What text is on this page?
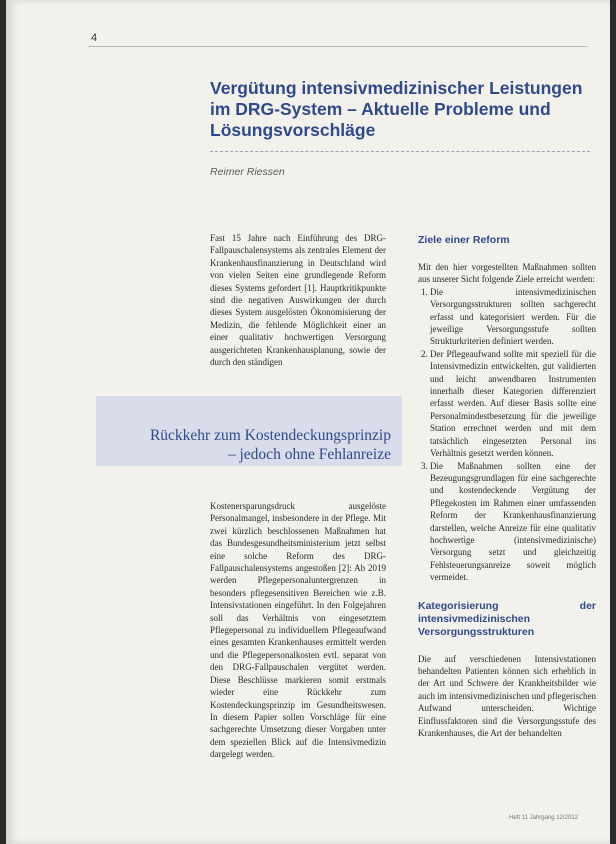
4
Vergütung intensivmedizinischer Leistungen im DRG-System – Aktuelle Probleme und Lösungsvorschläge
Reimer Riessen

Fast 15 Jahre nach Einführung des DRG-Fallpauschalensystems als zentrales Element der Krankenhausfinanzierung in Deutschland wird von vielen Seiten eine grundlegende Reform dieses Systems gefordert [1]. Hauptkritikpunkte sind die negativen Auswirkungen der durch dieses System ausgelösten Ökonomisierung der Medizin, die fehlende Möglichkeit einer an einer qualitativ hochwertigen Versorgung ausgerichteten Krankenhausplanung, sowie der durch den ständigen

Rückkehr zum Kostendeckungsprinzip
– jedoch ohne Fehlanreize

Kostenersparungsdruck ausgelöste Personalmangel, insbesondere in der Pflege. Mit zwei kürzlich beschlossenen Maßnahmen hat das Bundesgesundheitsministerium jetzt selbst eine solche Reform des DRG-Fallpauschalensystems angestoßen [2]: Ab 2019 werden Pflegepersonaluntergrenzen in besonders pflegesensitiven Bereichen wie z.B. Intensivstationen eingeführt. In den Folgejahren soll das Verhältnis von eingesetztem Pflegepersonal zu individuellem Pflegeaufwand eines gesamten Krankenhauses ermittelt werden und die Pflegepersonalkosten evtl. separat von den DRG-Fallpauschalen vergütet werden. Diese Beschlüsse markieren somit erstmals wieder eine Rückkehr zum Kostendeckungsprinzip im Gesundheitswesen. In diesem Papier sollen Vorschläge für eine sachgerechte Umsetzung dieser Vorgaben unter dem speziellen Blick auf die Intensivmedizin dargelegt werden.

Ziele einer Reform

Mit den hier vorgestellten Maßnahmen sollten aus unserer Sicht folgende Ziele erreicht werden:

1. Die intensivmedizinischen Versorgungsstrukturen sollten sachgerecht erfasst und kategorisiert werden. Für die jeweilige Versorgungsstufe sollten Strukturkriterien definiert werden.
2. Der Pflegeaufwand sollte mit speziell für die Intensivmedizin entwickelten, gut validierten und leicht anwendbaren Instrumenten innerhalb dieser Kategorien differenziert erfasst werden. Auf dieser Basis sollte eine Personalmindestbesetzung für die jeweilige Station errechnet werden und mit dem tatsächlich eingesetzten Personal ins Verhältnis gesetzt werden können.
3. Die Maßnahmen sollten eine der Bezeugungsgrundlagen für eine sachgerechte und kostendeckende Vergütung der Pflegekosten im Rahmen einer umfassenden Reform der Krankenhausfinanzierung darstellen, welche Anreize für eine qualitativ hochwertige (intensivmedizinische) Versorgung setzt und gleichzeitig Fehlsteuerungsanreize soweit möglich vermeidet.
Kategorisierung der intensivmedizinischen Versorgungsstrukturen

Die auf verschiedenen Intensivstationen behandelten Patienten können sich erheblich in der Art und Schwere der Krankheitsbilder wie auch im intensivmedizinischen und pflegerischen Aufwand unterscheiden. Wichtige Einflussfaktoren sind die Versorgungsstufe des Krankenhauses, die Art der behandelten

Heft 11 Jahrgang 12/2012
